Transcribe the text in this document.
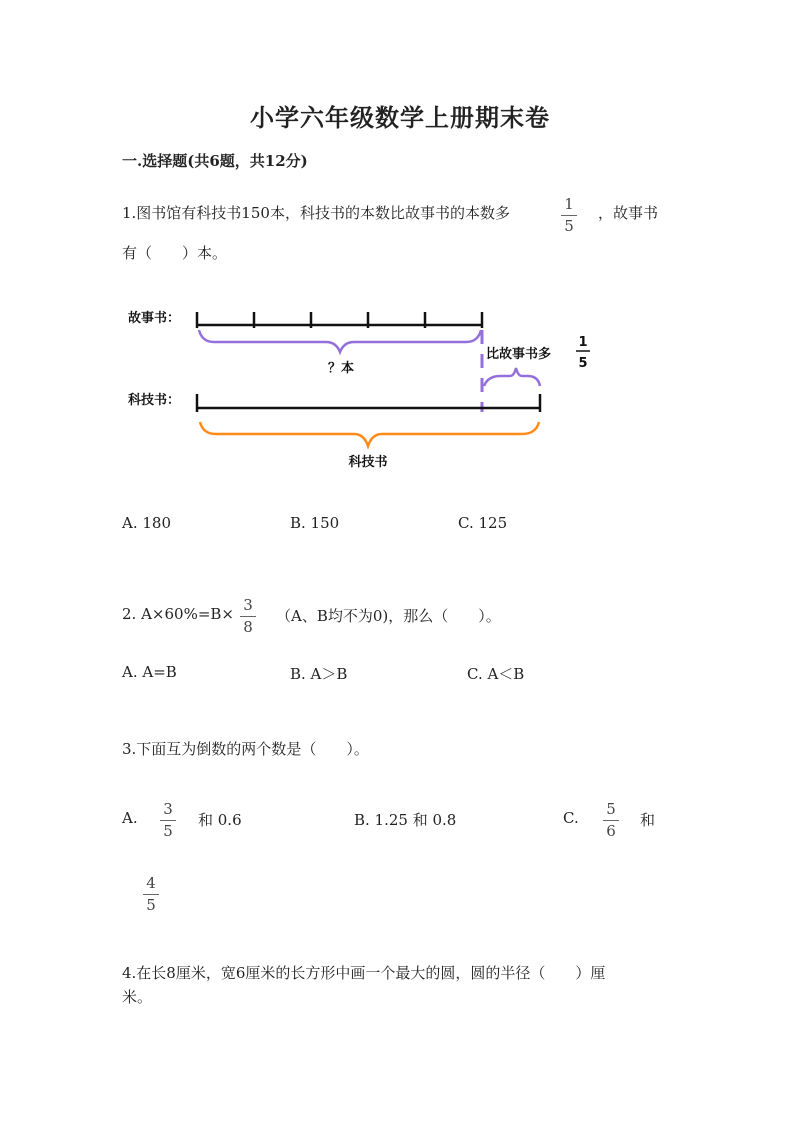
小学六年级数学上册期末卷
一.选择题(共6题，共12分)
1.图书馆有科技书150本，科技书的本数比故事书的本数多	1
5
，故事书
有（　　）本。
故事书：
？本
比故事书多
1
5
科技书：
科技书
A. 180	B. 150	C. 125
2. A×60%=B× 3
8
（A、B均不为0)，那么（　　）。
A. A=B	B. A＞B	C. A＜B
3.下面互为倒数的两个数是（　　）。
A.	3
5
和 0.6	B. 1.25 和 0.8	C.	5
6
和
4
5
4.在长8厘米，宽6厘米的长方形中画一个最大的圆，圆的半径（　　）厘
米。
